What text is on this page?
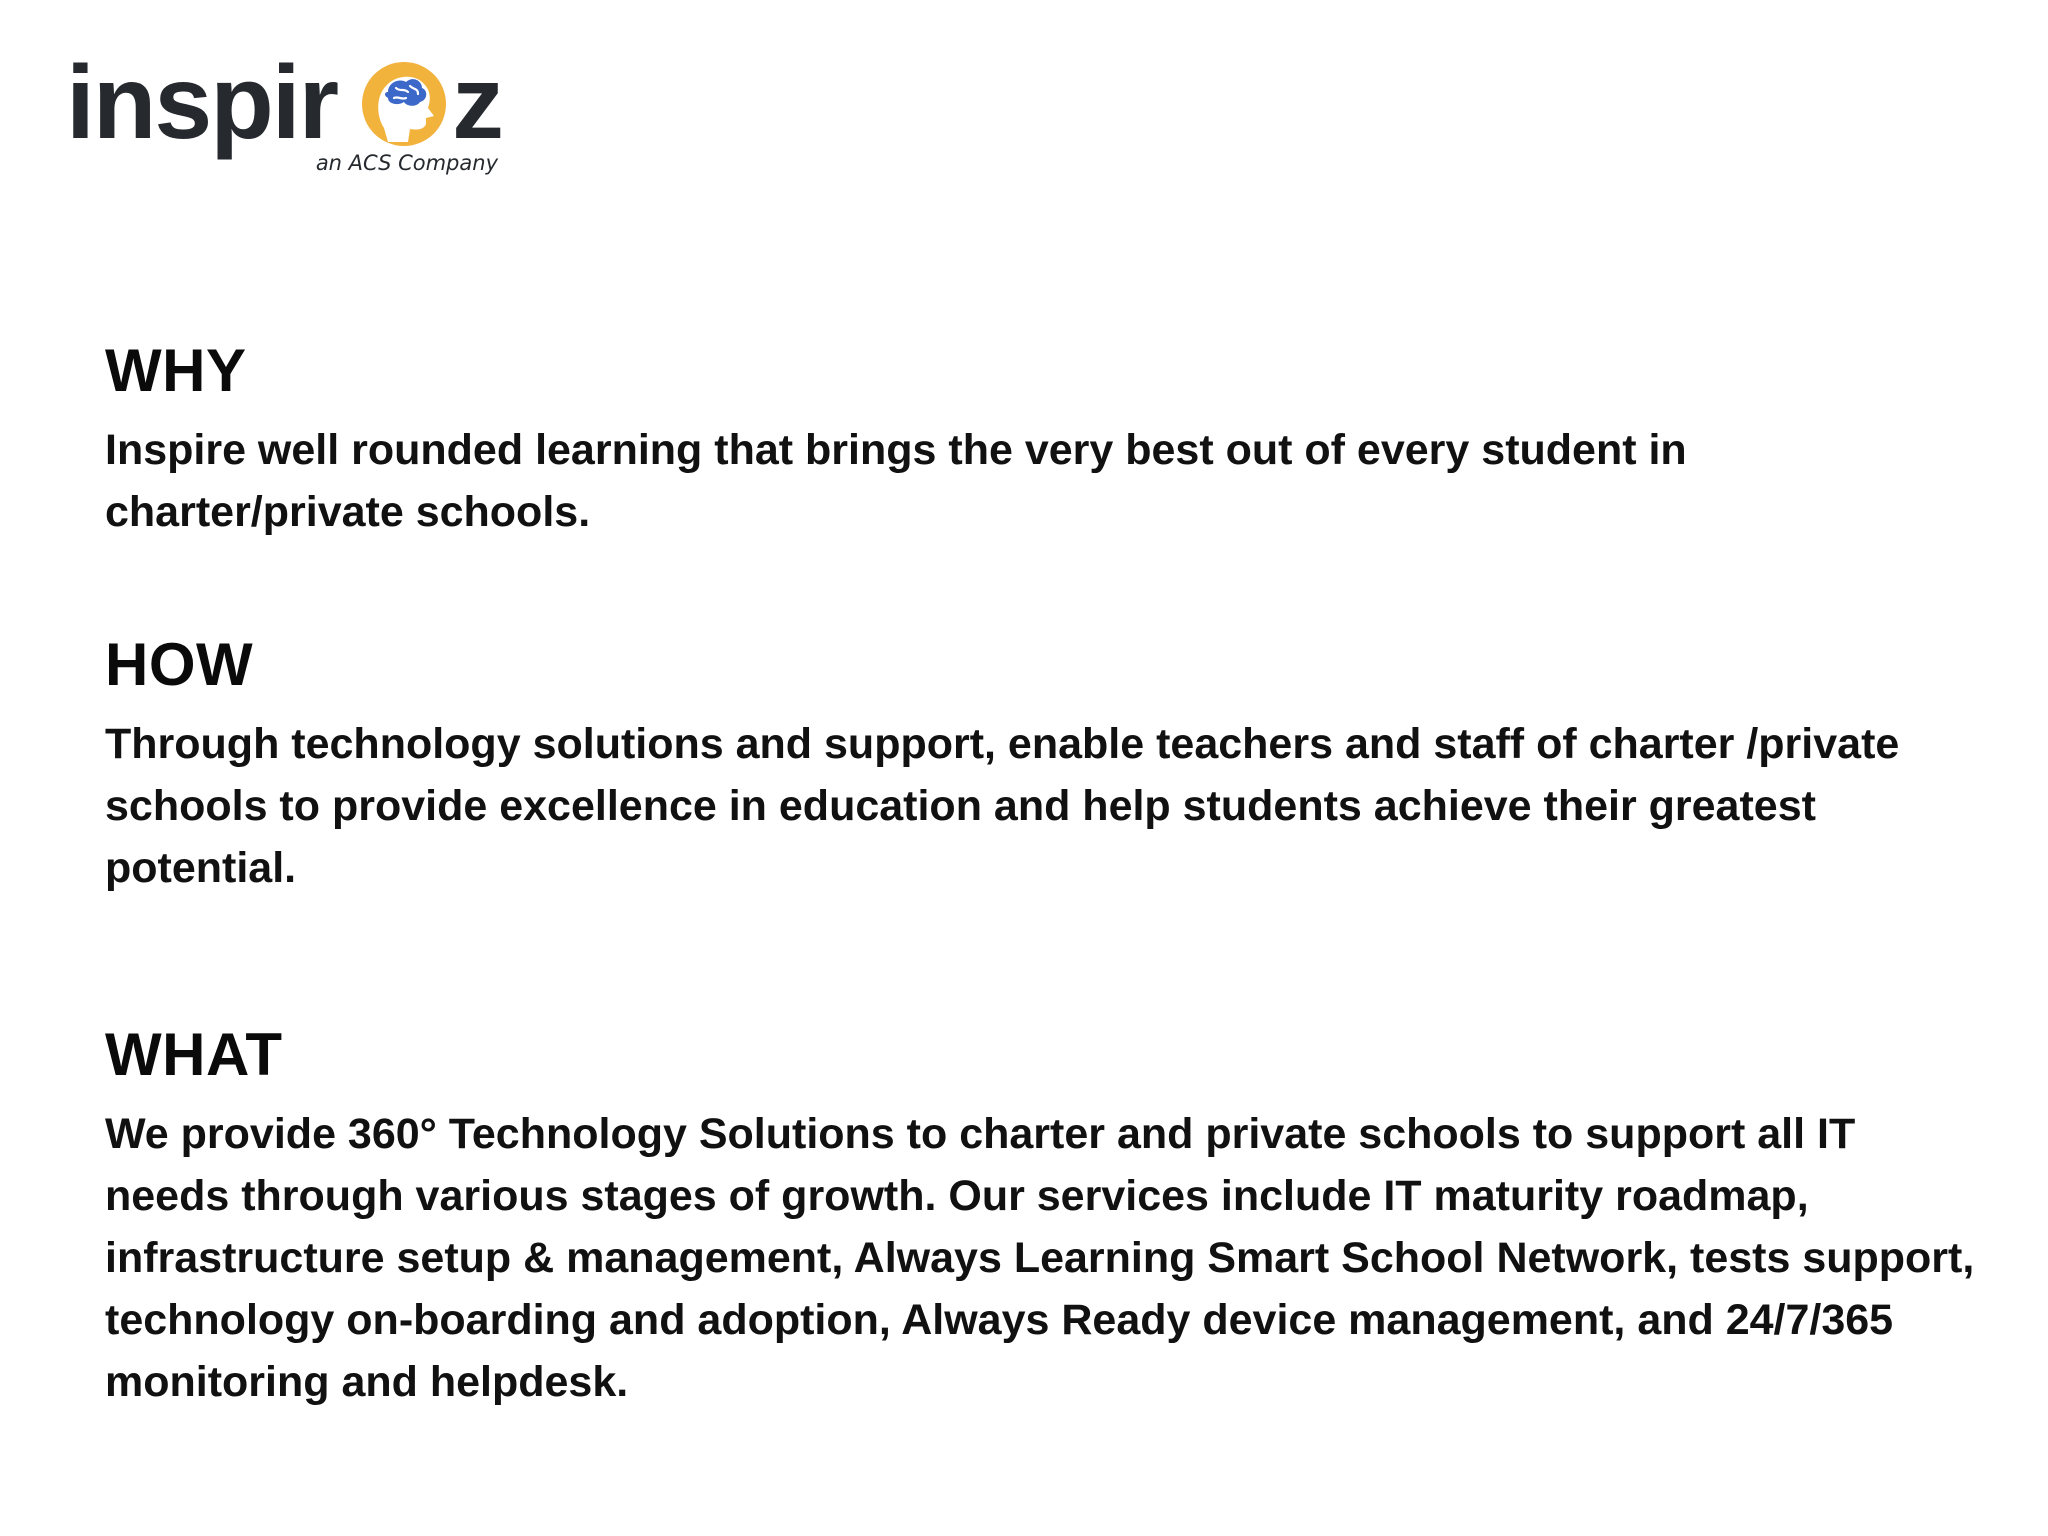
inspir z
an ACS Company
WHY

Inspire well rounded learning that brings the very best out of every student in charter/private schools.

HOW

Through technology solutions and support, enable teachers and staff of charter /private schools to provide excellence in education and help students achieve their greatest potential.

WHAT

We provide 360° Technology Solutions to charter and private schools to support all IT needs through various stages of growth. Our services include IT maturity roadmap, infrastructure setup & management, Always Learning Smart School Network, tests support, technology on-boarding and adoption, Always Ready device management, and 24/7/365 monitoring and helpdesk.
